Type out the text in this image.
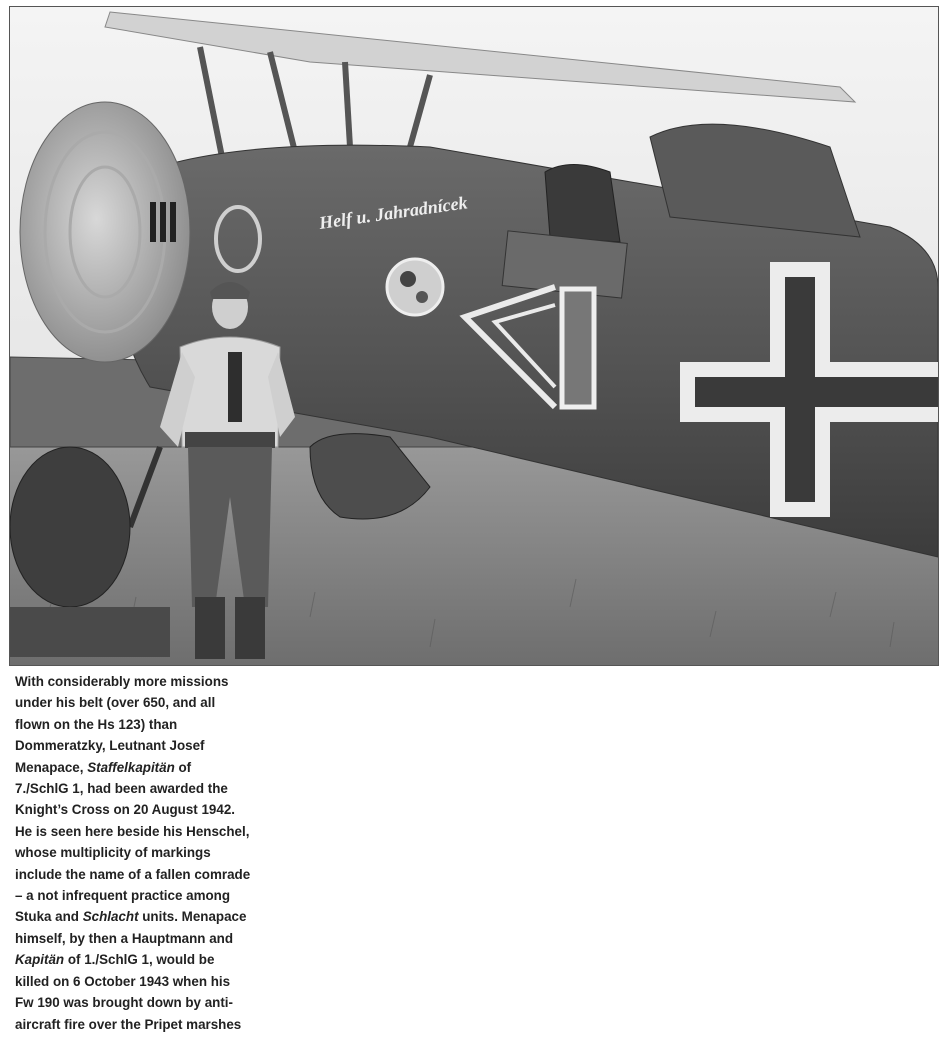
Helf u. Jahradnícek
With considerably more missions
under his belt (over 650, and all
flown on the Hs 123) than
Dommeratzky, Leutnant Josef
Menapace, Staffelkapitän of
7./SchlG 1, had been awarded the
Knight’s Cross on 20 August 1942.
He is seen here beside his Henschel,
whose multiplicity of markings
include the name of a fallen comrade
– a not infrequent practice among
Stuka and Schlacht units. Menapace
himself, by then a Hauptmann and
Kapitän of 1./SchlG 1, would be
killed on 6 October 1943 when his
Fw 190 was brought down by anti-
aircraft fire over the Pripet marshes
